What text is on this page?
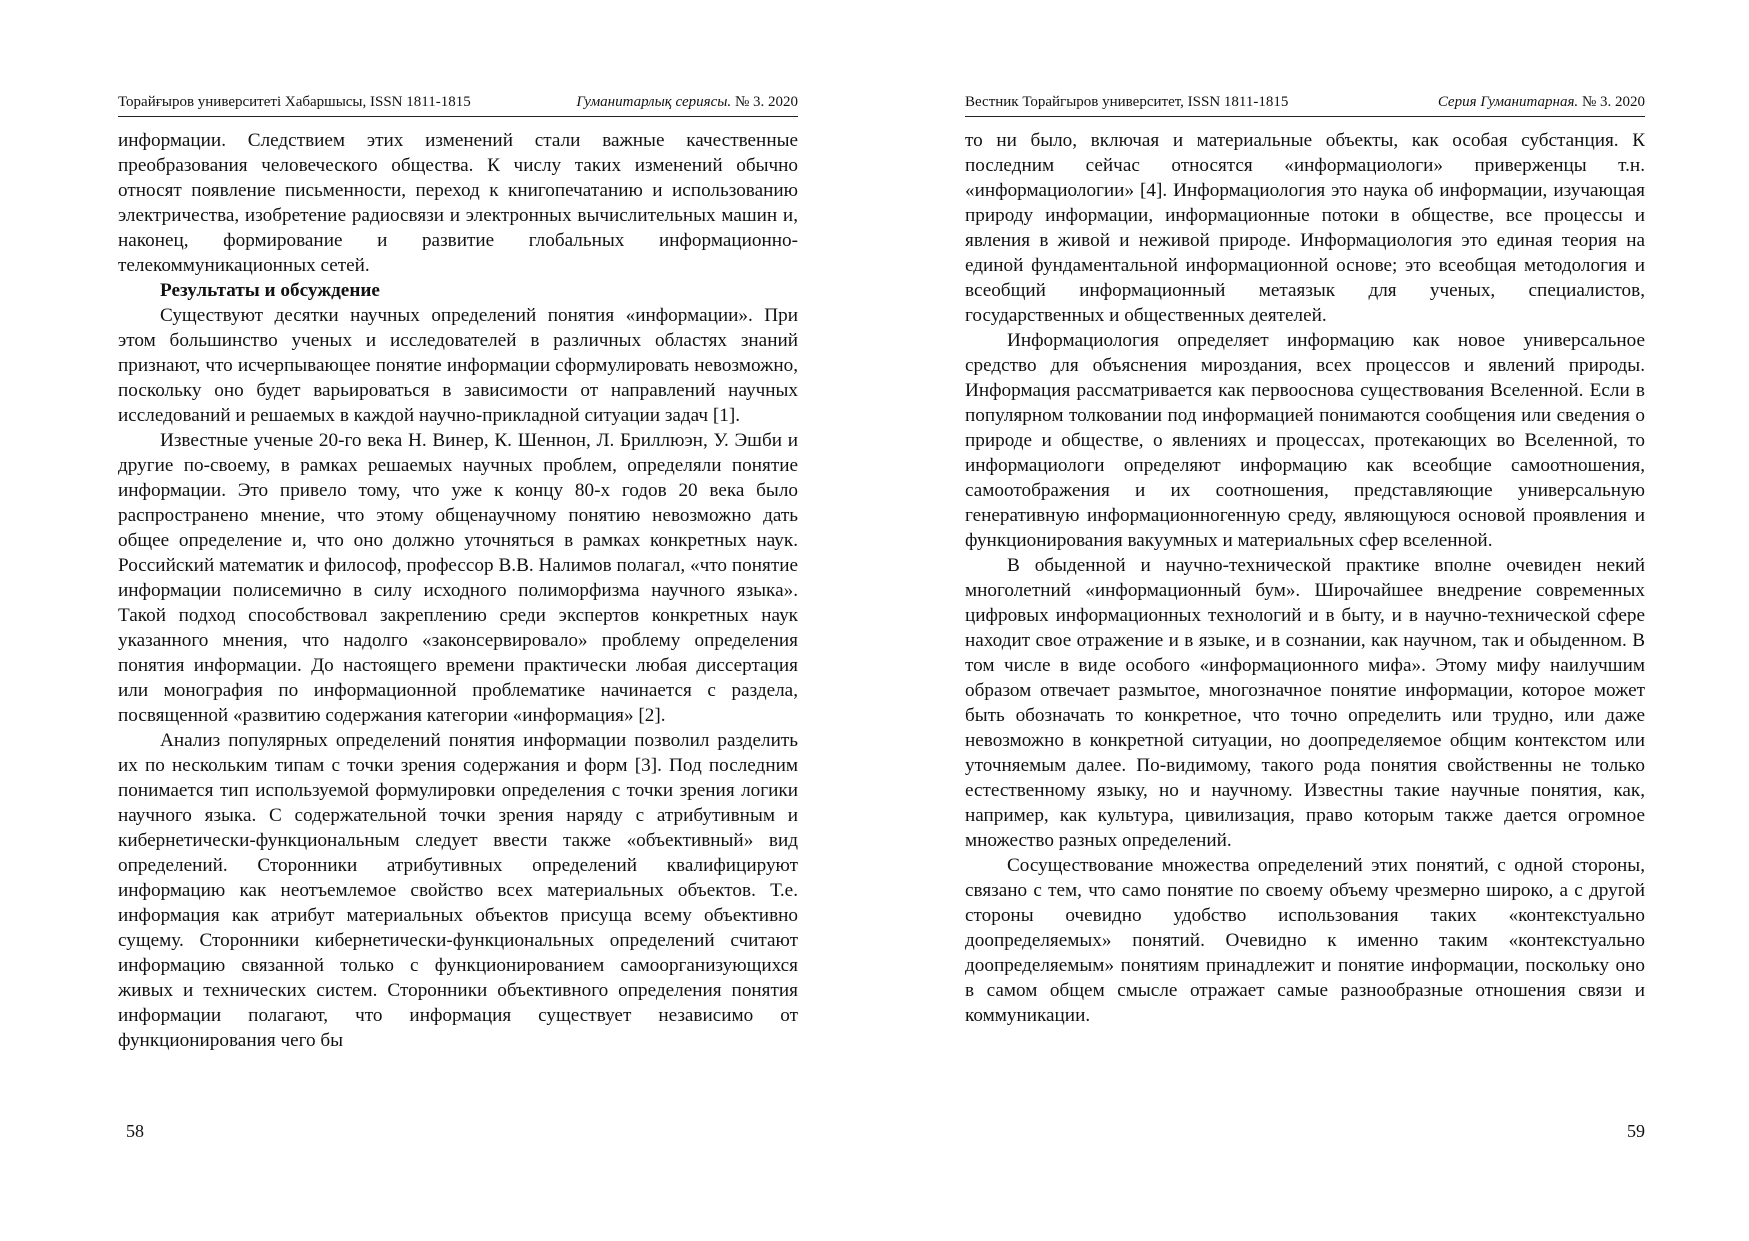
Торайғыров университеті Хабаршысы, ISSN 1811-1815	Гуманитарлық сериясы. № 3. 2020

информации. Следствием этих изменений стали важные качественные преобразования человеческого общества. К числу таких изменений обычно относят появление письменности, переход к книгопечатанию и использованию электричества, изобретение радиосвязи и электронных вычислительных машин и, наконец, формирование и развитие глобальных информационно-телекоммуникационных сетей.

Результаты и обсуждение

Существуют десятки научных определений понятия «информации». При этом большинство ученых и исследователей в различных областях знаний признают, что исчерпывающее понятие информации сформулировать невозможно, поскольку оно будет варьироваться в зависимости от направлений научных исследований и решаемых в каждой научно-прикладной ситуации задач [1].

Известные ученые 20-го века Н. Винер, К. Шеннон, Л. Бриллюэн, У. Эшби и другие по-своему, в рамках решаемых научных проблем, определяли понятие информации. Это привело тому, что уже к концу 80-х годов 20 века было распространено мнение, что этому общенаучному понятию невозможно дать общее определение и, что оно должно уточняться в рамках конкретных наук. Российский математик и философ, профессор В.В. Налимов полагал, «что понятие информации полисемично в силу исходного полиморфизма научного языка». Такой подход способствовал закреплению среди экспертов конкретных наук указанного мнения, что надолго «законсервировало» проблему определения понятия информации. До настоящего времени практически любая диссертация или монография по информационной проблематике начинается с раздела, посвященной «развитию содержания категории «информация» [2].

Анализ популярных определений понятия информации позволил разделить их по нескольким типам с точки зрения содержания и форм [3]. Под последним понимается тип используемой формулировки определения с точки зрения логики научного языка. С содержательной точки зрения наряду с атрибутивным и кибернетически-функциональным следует ввести также «объективный» вид определений. Сторонники атрибутивных определений квалифицируют информацию как неотъемлемое свойство всех материальных объектов. Т.е. информация как атрибут материальных объектов присуща всему объективно сущему. Сторонники кибернетически-функциональных определений считают информацию связанной только с функционированием самоорганизующихся живых и технических систем. Сторонники объективного определения понятия информации полагают, что информация существует независимо от функционирования чего бы

58
Вестник Торайгыров университет, ISSN 1811-1815	Серия Гуманитарная. № 3. 2020

то ни было, включая и материальные объекты, как особая субстанция. К последним сейчас относятся «информациологи» приверженцы т.н. «информациологии» [4]. Информациология это наука об информации, изучающая природу информации, информационные потоки в обществе, все процессы и явления в живой и неживой природе. Информациология это единая теория на единой фундаментальной информационной основе; это всеобщая методология и всеобщий информационный метаязык для ученых, специалистов, государственных и общественных деятелей.

Информациология определяет информацию как новое универсальное средство для объяснения мироздания, всех процессов и явлений природы. Информация рассматривается как первооснова существования Вселенной. Если в популярном толковании под информацией понимаются сообщения или сведения о природе и обществе, о явлениях и процессах, протекающих во Вселенной, то информациологи определяют информацию как всеобщие самоотношения, самоотображения и их соотношения, представляющие универсальную генеративную информационногенную среду, являющуюся основой проявления и функционирования вакуумных и материальных сфер вселенной.

В обыденной и научно-технической практике вполне очевиден некий многолетний «информационный бум». Широчайшее внедрение современных цифровых информационных технологий и в быту, и в научно-технической сфере находит свое отражение и в языке, и в сознании, как научном, так и обыденном. В том числе в виде особого «информационного мифа». Этому мифу наилучшим образом отвечает размытое, многозначное понятие информации, которое может быть обозначать то конкретное, что точно определить или трудно, или даже невозможно в конкретной ситуации, но доопределяемое общим контекстом или уточняемым далее. По-видимому, такого рода понятия свойственны не только естественному языку, но и научному. Известны такие научные понятия, как, например, как культура, цивилизация, право которым также дается огромное множество разных определений.

Сосуществование множества определений этих понятий, с одной стороны, связано с тем, что само понятие по своему объему чрезмерно широко, а с другой стороны очевидно удобство использования таких «контекстуально доопределяемых» понятий. Очевидно к именно таким «контекстуально доопределяемым» понятиям принадлежит и понятие информации, поскольку оно в самом общем смысле отражает самые разнообразные отношения связи и коммуникации.

59
